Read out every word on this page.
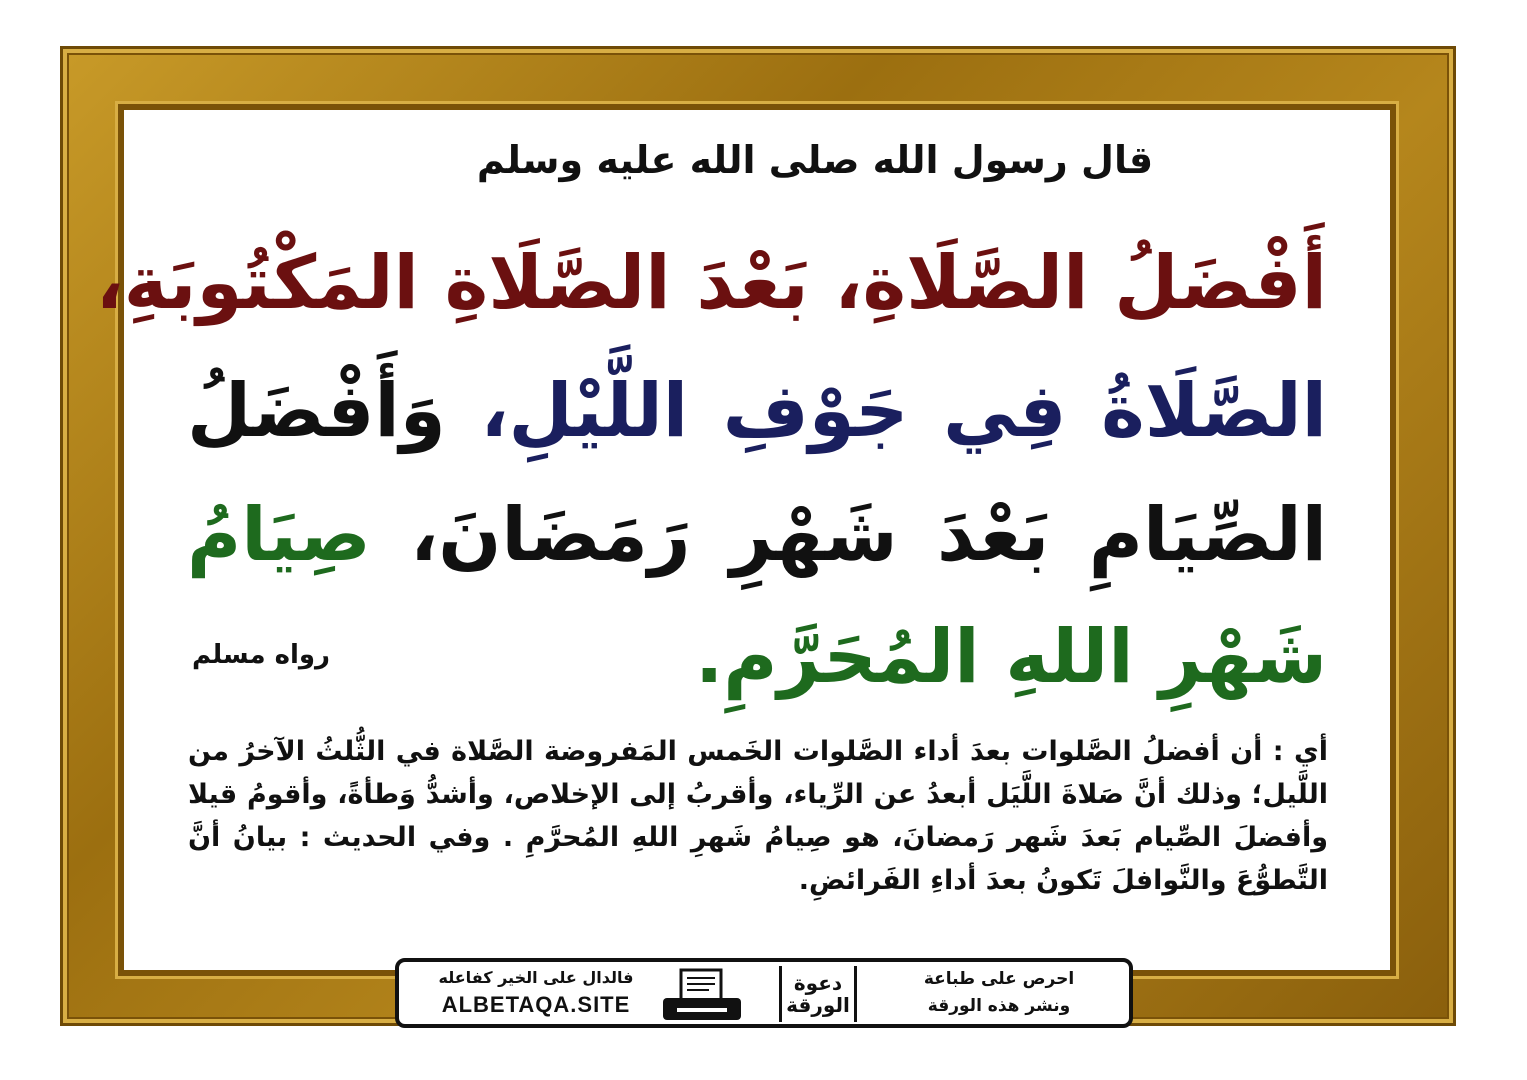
قال رسول الله صلى الله عليه وسلم
أَفْضَلُ الصَّلَاةِ، بَعْدَ الصَّلَاةِ المَكْتُوبَةِ،
الصَّلَاةُ فِي جَوْفِ اللَّيْلِ، وَأَفْضَلُ
الصِّيَامِ بَعْدَ شَهْرِ رَمَضَانَ، صِيَامُ
شَهْرِ اللهِ المُحَرَّمِ.
رواه مسلم
أي : أن أفضلُ الصَّلوات بعدَ أداء الصَّلوات الخَمس المَفروضة الصَّلاة في الثُّلثُ الآخرُ من اللَّيل؛ وذلك أنَّ صَلاةَ اللَّيَل أبعدُ عن الرِّياء، وأقربُ إلى الإخلاص، وأشدُّ وَطأةً، وأقومُ قيلا وأفضلَ الصِّيام بَعدَ شَهر رَمضانَ، هو صِيامُ شَهرِ اللهِ المُحرَّمِ . وفي الحديث : بيانُ أنَّ التَّطوُّعَ والنَّوافلَ تَكونُ بعدَ أداءِ الفَرائضِ.
احرص على طباعة
ونشر هذه الورقة
دعوة الورقة
فالدال على الخير كفاعله
ALBETAQA.SITE
